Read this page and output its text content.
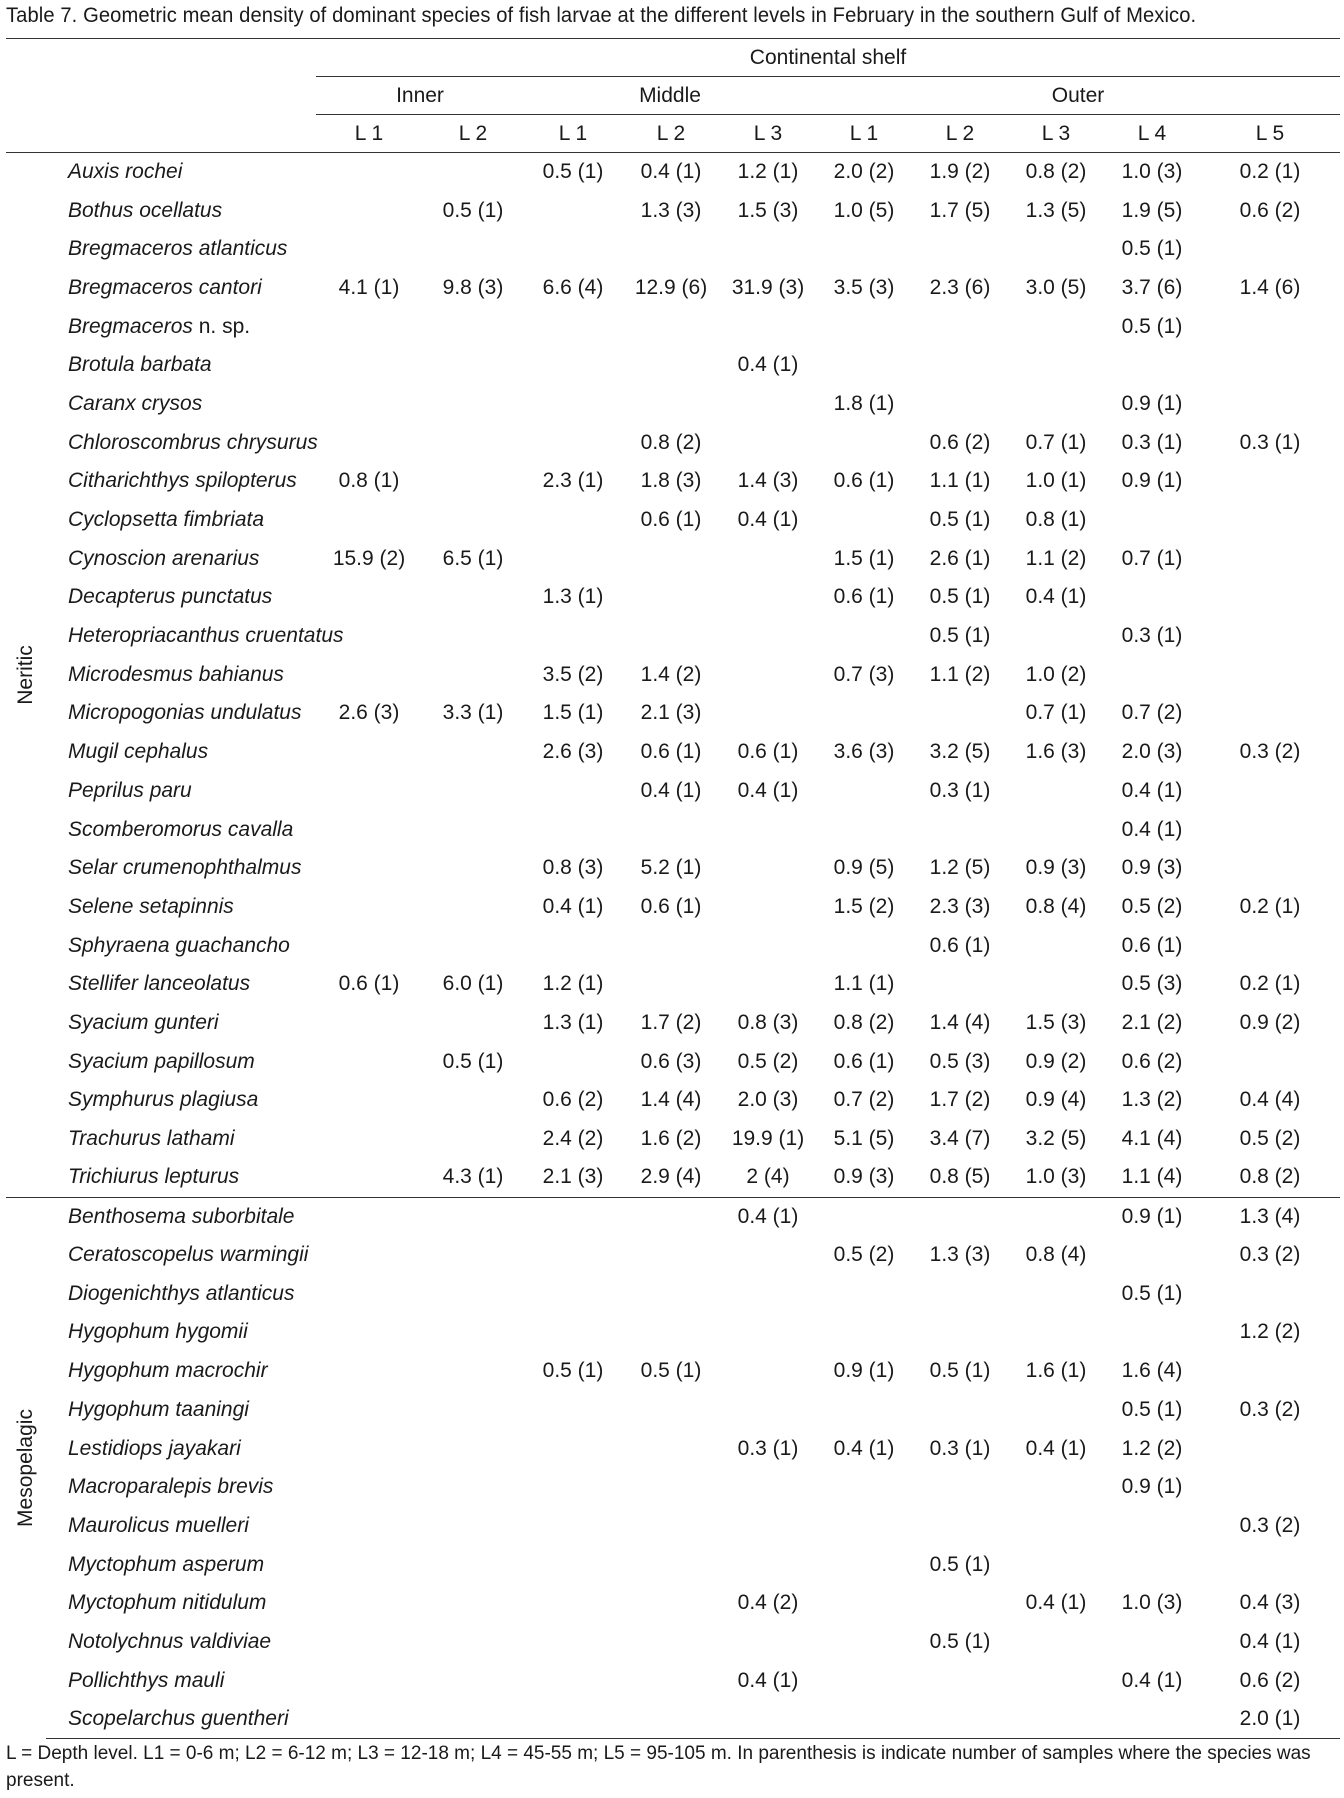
Table 7. Geometric mean density of dominant species of fish larvae at the different levels in February in the southern Gulf of Mexico.
		Continental shelf									
		Inner		Middle			Outer				
		L 1	L 2	L 1	L 2	L 3	L 1	L 2	L 3	L 4	L 5

Neritic	Auxis rochei			0.5 (1)	0.4 (1)	1.2 (1)	2.0 (2)	1.9 (2)	0.8 (2)	1.0 (3)	0.2 (1)
	Bothus ocellatus		0.5 (1)		1.3 (3)	1.5 (3)	1.0 (5)	1.7 (5)	1.3 (5)	1.9 (5)	0.6 (2)
	Bregmaceros atlanticus									0.5 (1)	
	Bregmaceros cantori	4.1 (1)	9.8 (3)	6.6 (4)	12.9 (6)	31.9 (3)	3.5 (3)	2.3 (6)	3.0 (5)	3.7 (6)	1.4 (6)
	Bregmaceros n. sp.									0.5 (1)	
	Brotula barbata					0.4 (1)					
	Caranx crysos						1.8 (1)			0.9 (1)	
	Chloroscombrus chrysurus				0.8 (2)			0.6 (2)	0.7 (1)	0.3 (1)	0.3 (1)
	Citharichthys spilopterus	0.8 (1)		2.3 (1)	1.8 (3)	1.4 (3)	0.6 (1)	1.1 (1)	1.0 (1)	0.9 (1)	
	Cyclopsetta fimbriata				0.6 (1)	0.4 (1)		0.5 (1)	0.8 (1)		
	Cynoscion arenarius	15.9 (2)	6.5 (1)				1.5 (1)	2.6 (1)	1.1 (2)	0.7 (1)	
	Decapterus punctatus			1.3 (1)			0.6 (1)	0.5 (1)	0.4 (1)		
	Heteropriacanthus cruentatus							0.5 (1)		0.3 (1)	
	Microdesmus bahianus			3.5 (2)	1.4 (2)		0.7 (3)	1.1 (2)	1.0 (2)		
	Micropogonias undulatus	2.6 (3)	3.3 (1)	1.5 (1)	2.1 (3)				0.7 (1)	0.7 (2)	
	Mugil cephalus			2.6 (3)	0.6 (1)	0.6 (1)	3.6 (3)	3.2 (5)	1.6 (3)	2.0 (3)	0.3 (2)
	Peprilus paru				0.4 (1)	0.4 (1)		0.3 (1)		0.4 (1)	
	Scomberomorus cavalla									0.4 (1)	
	Selar crumenophthalmus			0.8 (3)	5.2 (1)		0.9 (5)	1.2 (5)	0.9 (3)	0.9 (3)	
	Selene setapinnis			0.4 (1)	0.6 (1)		1.5 (2)	2.3 (3)	0.8 (4)	0.5 (2)	0.2 (1)
	Sphyraena guachancho							0.6 (1)		0.6 (1)	
	Stellifer lanceolatus	0.6 (1)	6.0 (1)	1.2 (1)			1.1 (1)			0.5 (3)	0.2 (1)
	Syacium gunteri			1.3 (1)	1.7 (2)	0.8 (3)	0.8 (2)	1.4 (4)	1.5 (3)	2.1 (2)	0.9 (2)
	Syacium papillosum		0.5 (1)		0.6 (3)	0.5 (2)	0.6 (1)	0.5 (3)	0.9 (2)	0.6 (2)	
	Symphurus plagiusa			0.6 (2)	1.4 (4)	2.0 (3)	0.7 (2)	1.7 (2)	0.9 (4)	1.3 (2)	0.4 (4)
	Trachurus lathami			2.4 (2)	1.6 (2)	19.9 (1)	5.1 (5)	3.4 (7)	3.2 (5)	4.1 (4)	0.5 (2)
	Trichiurus lepturus		4.3 (1)	2.1 (3)	2.9 (4)	2 (4)	0.9 (3)	0.8 (5)	1.0 (3)	1.1 (4)	0.8 (2)

Mesopelagic	Benthosema suborbitale					0.4 (1)				0.9 (1)	1.3 (4)
	Ceratoscopelus warmingii						0.5 (2)	1.3 (3)	0.8 (4)		0.3 (2)
	Diogenichthys atlanticus									0.5 (1)	
	Hygophum hygomii										1.2 (2)
	Hygophum macrochir			0.5 (1)	0.5 (1)		0.9 (1)	0.5 (1)	1.6 (1)	1.6 (4)	
	Hygophum taaningi									0.5 (1)	0.3 (2)
	Lestidiops jayakari					0.3 (1)	0.4 (1)	0.3 (1)	0.4 (1)	1.2 (2)	
	Macroparalepis brevis									0.9 (1)	
	Maurolicus muelleri										0.3 (2)
	Myctophum asperum							0.5 (1)			
	Myctophum nitidulum					0.4 (2)			0.4 (1)	1.0 (3)	0.4 (3)
	Notolychnus valdiviae							0.5 (1)			0.4 (1)
	Pollichthys mauli					0.4 (1)				0.4 (1)	0.6 (2)
	Scopelarchus guentheri										2.0 (1)
L = Depth level. L1 = 0-6 m; L2 = 6-12 m; L3 = 12-18 m; L4 = 45-55 m; L5 = 95-105 m. In parenthesis is indicate number of samples where the species was present.
